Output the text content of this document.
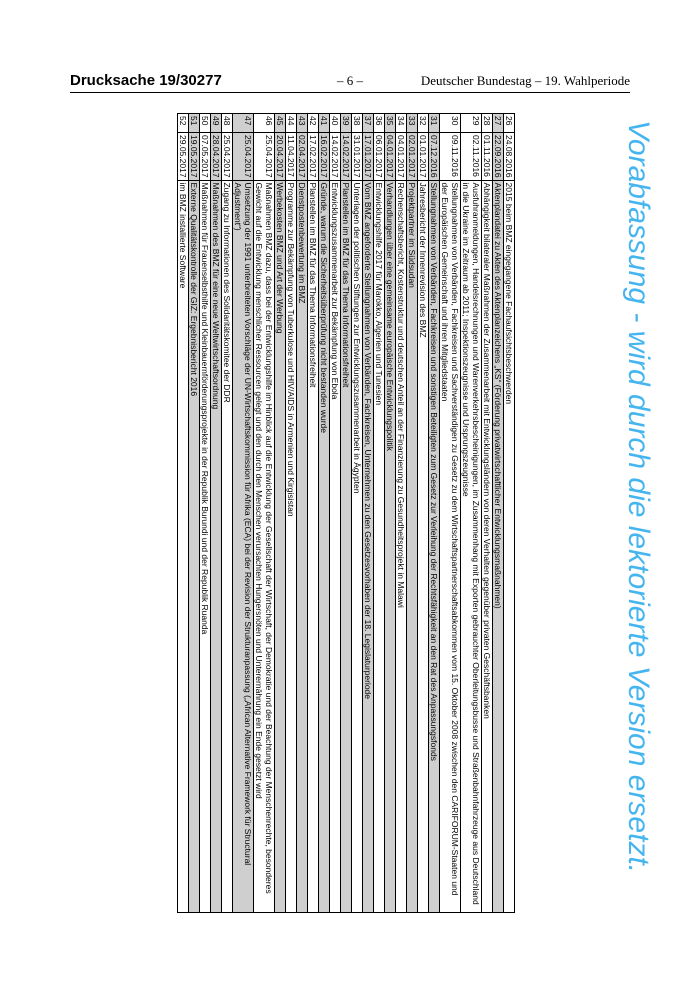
Drucksache 19/30277	– 6 –	Deutscher Bundestag – 19. Wahlperiode
Vorabfassung - wird durch die lektorierte Version ersetzt.
26	24.08.2016	2015 beim BMZ eingegangene Fachaufsichtsbeschwerden
27	22.09.2016	Aktenplandatei zu Akten des Aktenplanzeichens „KS“ (Förderung privatwirtschaftlicher Entwicklungsmaßnahmen)
28	01.11.2016	Abhängigkeit bilateraler Maßnahmen der Zusammenarbeit mit Entwicklungsländern von deren Verhalten gegenüber privaten Geschäftsbanken
29	02.11.2016	Ausfuhranmeldungen, Handelsrechnungen und Warenverkehrsbescheinigungen, im Zusammenhang mit Exporten gebrauchter Oberleitungsbusse und Straßenbahnfahrzeuge aus Deutschland in die Ukraine im Zeitraum ab 2011; Inspektionszeugnisse und Ursprungszeugnisse
30	09.11.2016	Stellungnahmen von Verbänden, Fachkreisen und Sachverständigen zu Gesetz zu dem Wirtschaftspartnerschaftsabkommen vom 15. Oktober 2008 zwischen den CARIFORUM-Staaten und der Europäischen Gemeinschaft und ihren Mitgliedstaaten
31	07.12.2016	Stellungnahmen von Verbänden, Fachkreisen und sonstigen Beteiligten zum Gesetz zur Verleihung der Rechtsfähigkeit an den Rat des Anpassungsfonds
32	01.01.2017	Jahresbericht der Innenrevision des BMZ
33	02.01.2017	Projektpartner im Südsudan
34	04.01.2017	Rechenschaftsbericht, Kostenstruktur und deutschen Anteil an der Finanzierung zu Gesundheitsprojekt in Malawi
35	04.01.2017	Verhandlungen über eine gemeinsame europäische Entwicklungspolitik
36	06.01.2017	Entwicklungshilfe 2017 für Marokko, Algerien und Tunesien
37	17.01.2017	Vom BMZ angeforderte Stellungnahmen von Verbänden, Fachkreisen, Unternehmen zu den Gesetzesvorhaben der 18. Legislaturperiode
38	31.01.2017	Unterlagen der politischen Stiftungen zur Entwicklungszusammenarbeit in Ägypten
39	14.02.2017	Planstellen im BMZ für das Thema Informationsfreiheit
40	14.02.2017	Entwicklungszusammenarbeit zur Bekämpfung von Ebola
41	16.02.2017	Gründe, warum die Sicherheitsüberprüfung nicht bestanden wurde
42	17.02.2017	Planstellen im BMZ für das Thema Informationsfreiheit
43	02.04.2017	Dienstpostenbewertung im BMZ
44	11.04.2017	Programme zur Bekämpfung von Tuberkulose und HIV/AIDS in Armenien und Kirgisistan
45	20.04.2017	Werbekosten BMZ und Art der Werbung
46	25.04.2017	Maßnahmen BMZ dazu, dass bei der Entwicklungshilfe im Hinblick auf die Entwicklung der Gesellschaft der Wirtschaft, der Demokratie und der Beachtung der Menschenrechte, besonderes Gewicht auf die Entwicklung menschlicher Ressourcen gelegt und den durch den Menschen verursachten Hungersnöten und Unterernährung ein Ende gesetzt wird
47	25.04.2017	Umsetzung der 1991 unterbreiteten Vorschläge der UN-Wirtschaftskommission für Afrika (ECA) bei der Revision der Strukturanpassung („African Alternative Framework für Structural Adjustment“)
48	25.04.2017	Zugang zu Informationen des Solidaritätskomitee der DDR
49	28.04.2017	Maßnahmen des BMZ für eine neue Weltwirtschaftsordnung
50	07.05.2017	Maßnahmen für Frauenselbsthilfe und Kleinbauernförderungsprojekte in der Republik Burundi und der Republik Ruanda
51	19.05.2017	Externe Qualitätskontrolle der GIZ: Ergebnisbericht 2016
52	29.05.2017	im BMZ installierte Software
